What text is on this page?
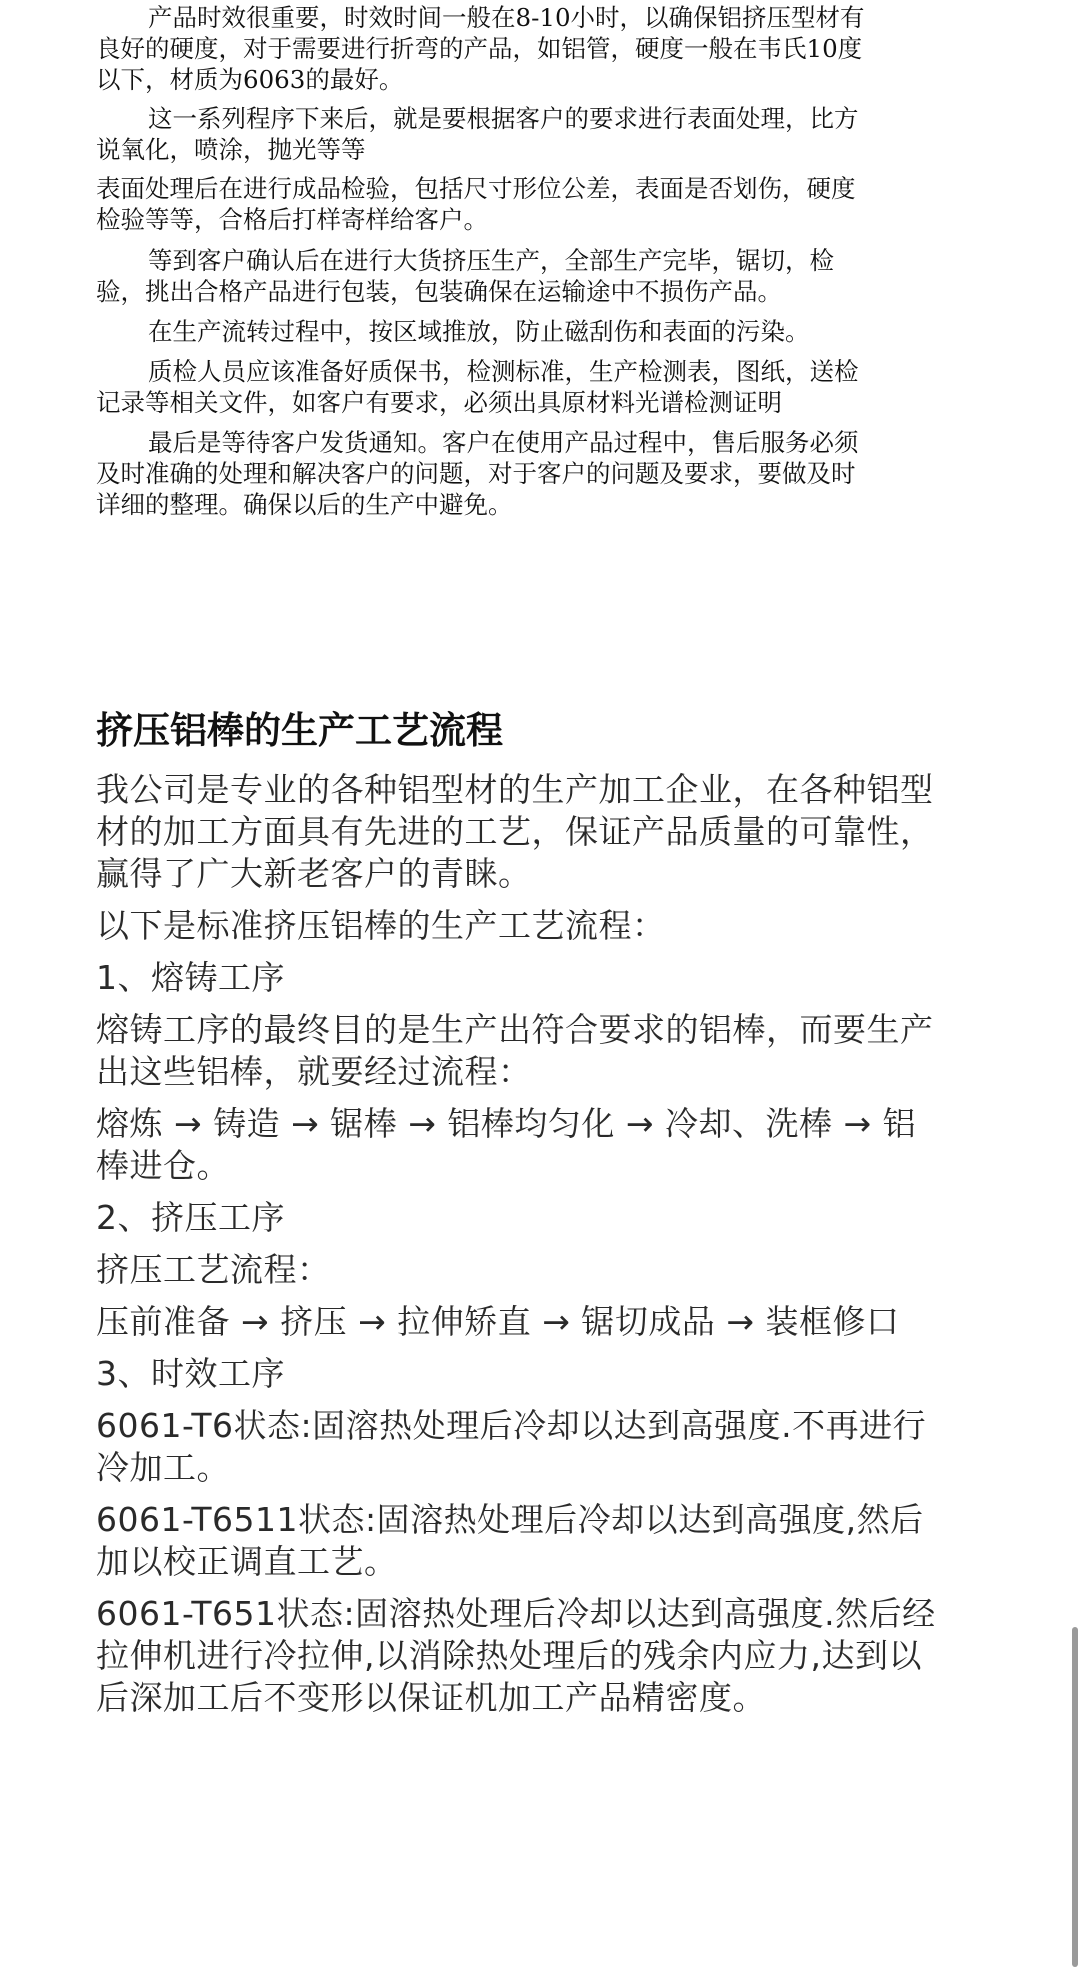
产品时效很重要，时效时间一般在8-10小时，以确保铝挤压型材有
良好的硬度，对于需要进行折弯的产品，如铝管，硬度一般在韦氏10度
以下，材质为6063的最好。

这一系列程序下来后，就是要根据客户的要求进行表面处理，比方
说氧化，喷涂，抛光等等

表面处理后在进行成品检验，包括尺寸形位公差，表面是否划伤，硬度
检验等等，合格后打样寄样给客户。

等到客户确认后在进行大货挤压生产，全部生产完毕，锯切，检
验，挑出合格产品进行包装，包装确保在运输途中不损伤产品。

在生产流转过程中，按区域推放，防止磁刮伤和表面的污染。

质检人员应该准备好质保书，检测标准，生产检测表，图纸，送检
记录等相关文件，如客户有要求，必须出具原材料光谱检测证明

最后是等待客户发货通知。客户在使用产品过程中，售后服务必须
及时准确的处理和解决客户的问题，对于客户的问题及要求，要做及时
详细的整理。确保以后的生产中避免。

挤压铝棒的生产工艺流程

我公司是专业的各种铝型材的生产加工企业，在各种铝型材的加工方面具有先进的工艺，保证产品质量的可靠性，赢得了广大新老客户的青睐。

以下是标准挤压铝棒的生产工艺流程：

1、熔铸工序

熔铸工序的最终目的是生产出符合要求的铝棒，而要生产出这些铝棒，就要经过流程：

熔炼 → 铸造 → 锯棒 → 铝棒均匀化 → 冷却、洗棒 → 铝棒进仓。

2、挤压工序

挤压工艺流程：

压前准备 → 挤压 → 拉伸矫直 → 锯切成品 → 装框修口

3、时效工序

6061-T6状态:固溶热处理后冷却以达到高强度.不再进行冷加工。

6061-T6511状态:固溶热处理后冷却以达到高强度,然后加以校正调直工艺。

6061-T651状态:固溶热处理后冷却以达到高强度.然后经拉伸机进行冷拉伸,以消除热处理后的残余内应力,达到以后深加工后不变形以保证机加工产品精密度。
